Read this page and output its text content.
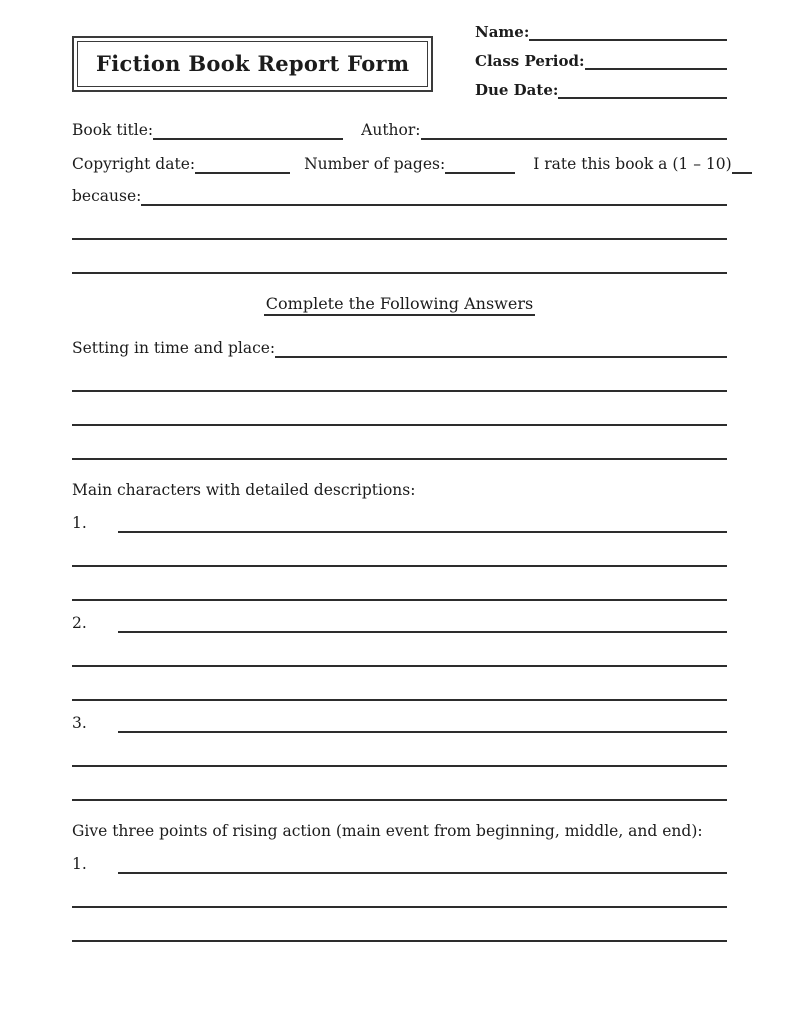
Fiction Book Report Form
Name:
Class Period:
Due Date:
Book title:	Author:
Copyright date:	Number of pages:	I rate this book a (1 – 10)
because:
Complete the Following Answers
Setting in time and place:
Main characters with detailed descriptions:
1.
2.
3.
Give three points of rising action (main event from beginning, middle, and end):
1.
